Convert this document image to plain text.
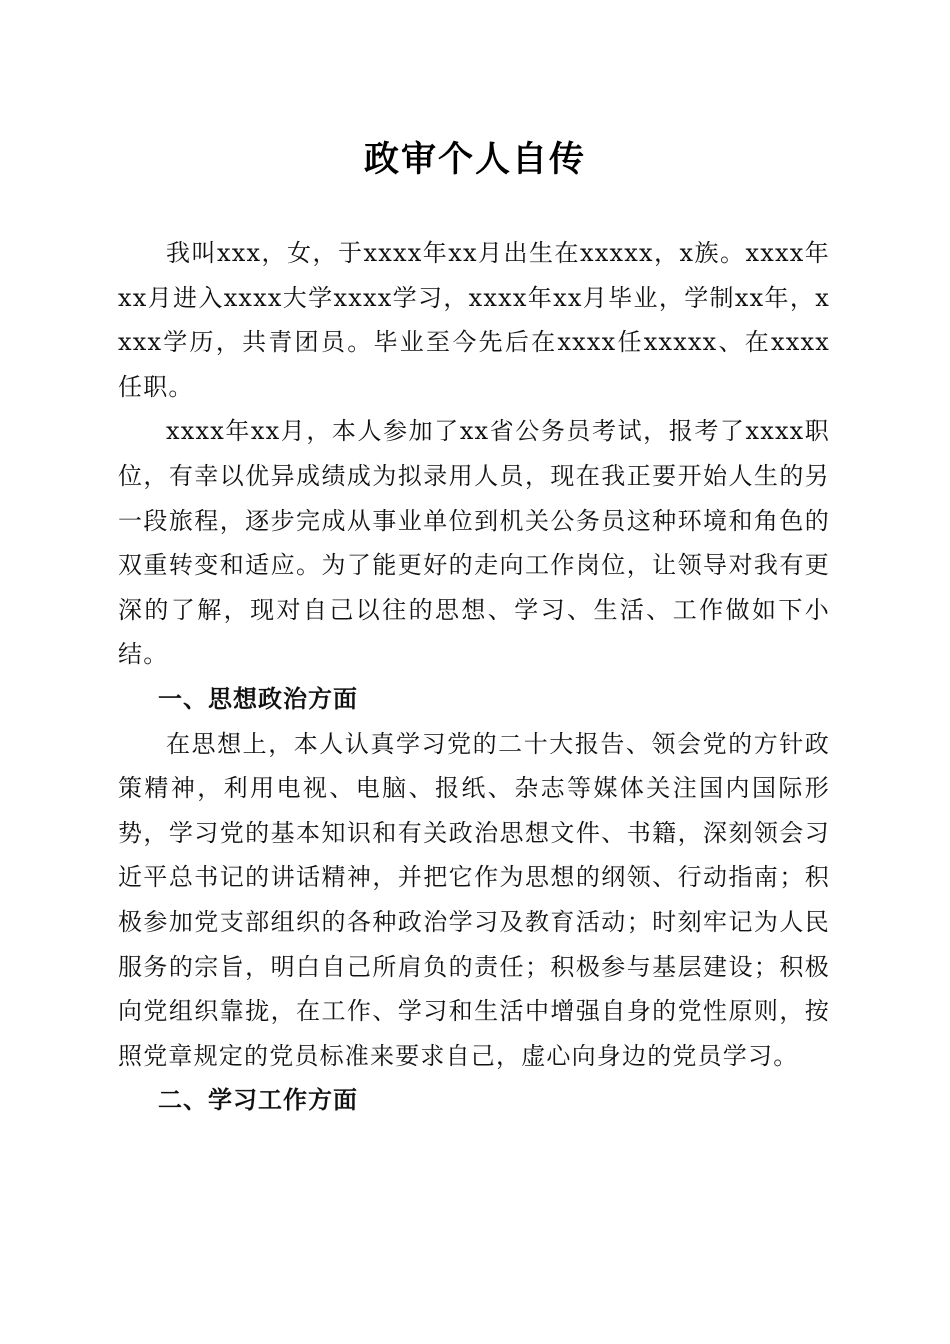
政审个人自传

我叫xxx，女，于xxxx年xx月出生在xxxxx，x族。xxxx年xx月进入xxxx大学xxxx学习，xxxx年xx月毕业，学制xx年，xxxx学历，共青团员。毕业至今先后在xxxx任xxxxx、在xxxx任职。

xxxx年xx月，本人参加了xx省公务员考试，报考了xxxx职位，有幸以优异成绩成为拟录用人员，现在我正要开始人生的另一段旅程，逐步完成从事业单位到机关公务员这种环境和角色的双重转变和适应。为了能更好的走向工作岗位，让领导对我有更深的了解，现对自己以往的思想、学习、生活、工作做如下小结。

一、思想政治方面

在思想上，本人认真学习党的二十大报告、领会党的方针政策精神，利用电视、电脑、报纸、杂志等媒体关注国内国际形势，学习党的基本知识和有关政治思想文件、书籍，深刻领会习近平总书记的讲话精神，并把它作为思想的纲领、行动指南；积极参加党支部组织的各种政治学习及教育活动；时刻牢记为人民服务的宗旨，明白自己所肩负的责任；积极参与基层建设；积极向党组织靠拢，在工作、学习和生活中增强自身的党性原则，按照党章规定的党员标准来要求自己，虚心向身边的党员学习。

二、学习工作方面
